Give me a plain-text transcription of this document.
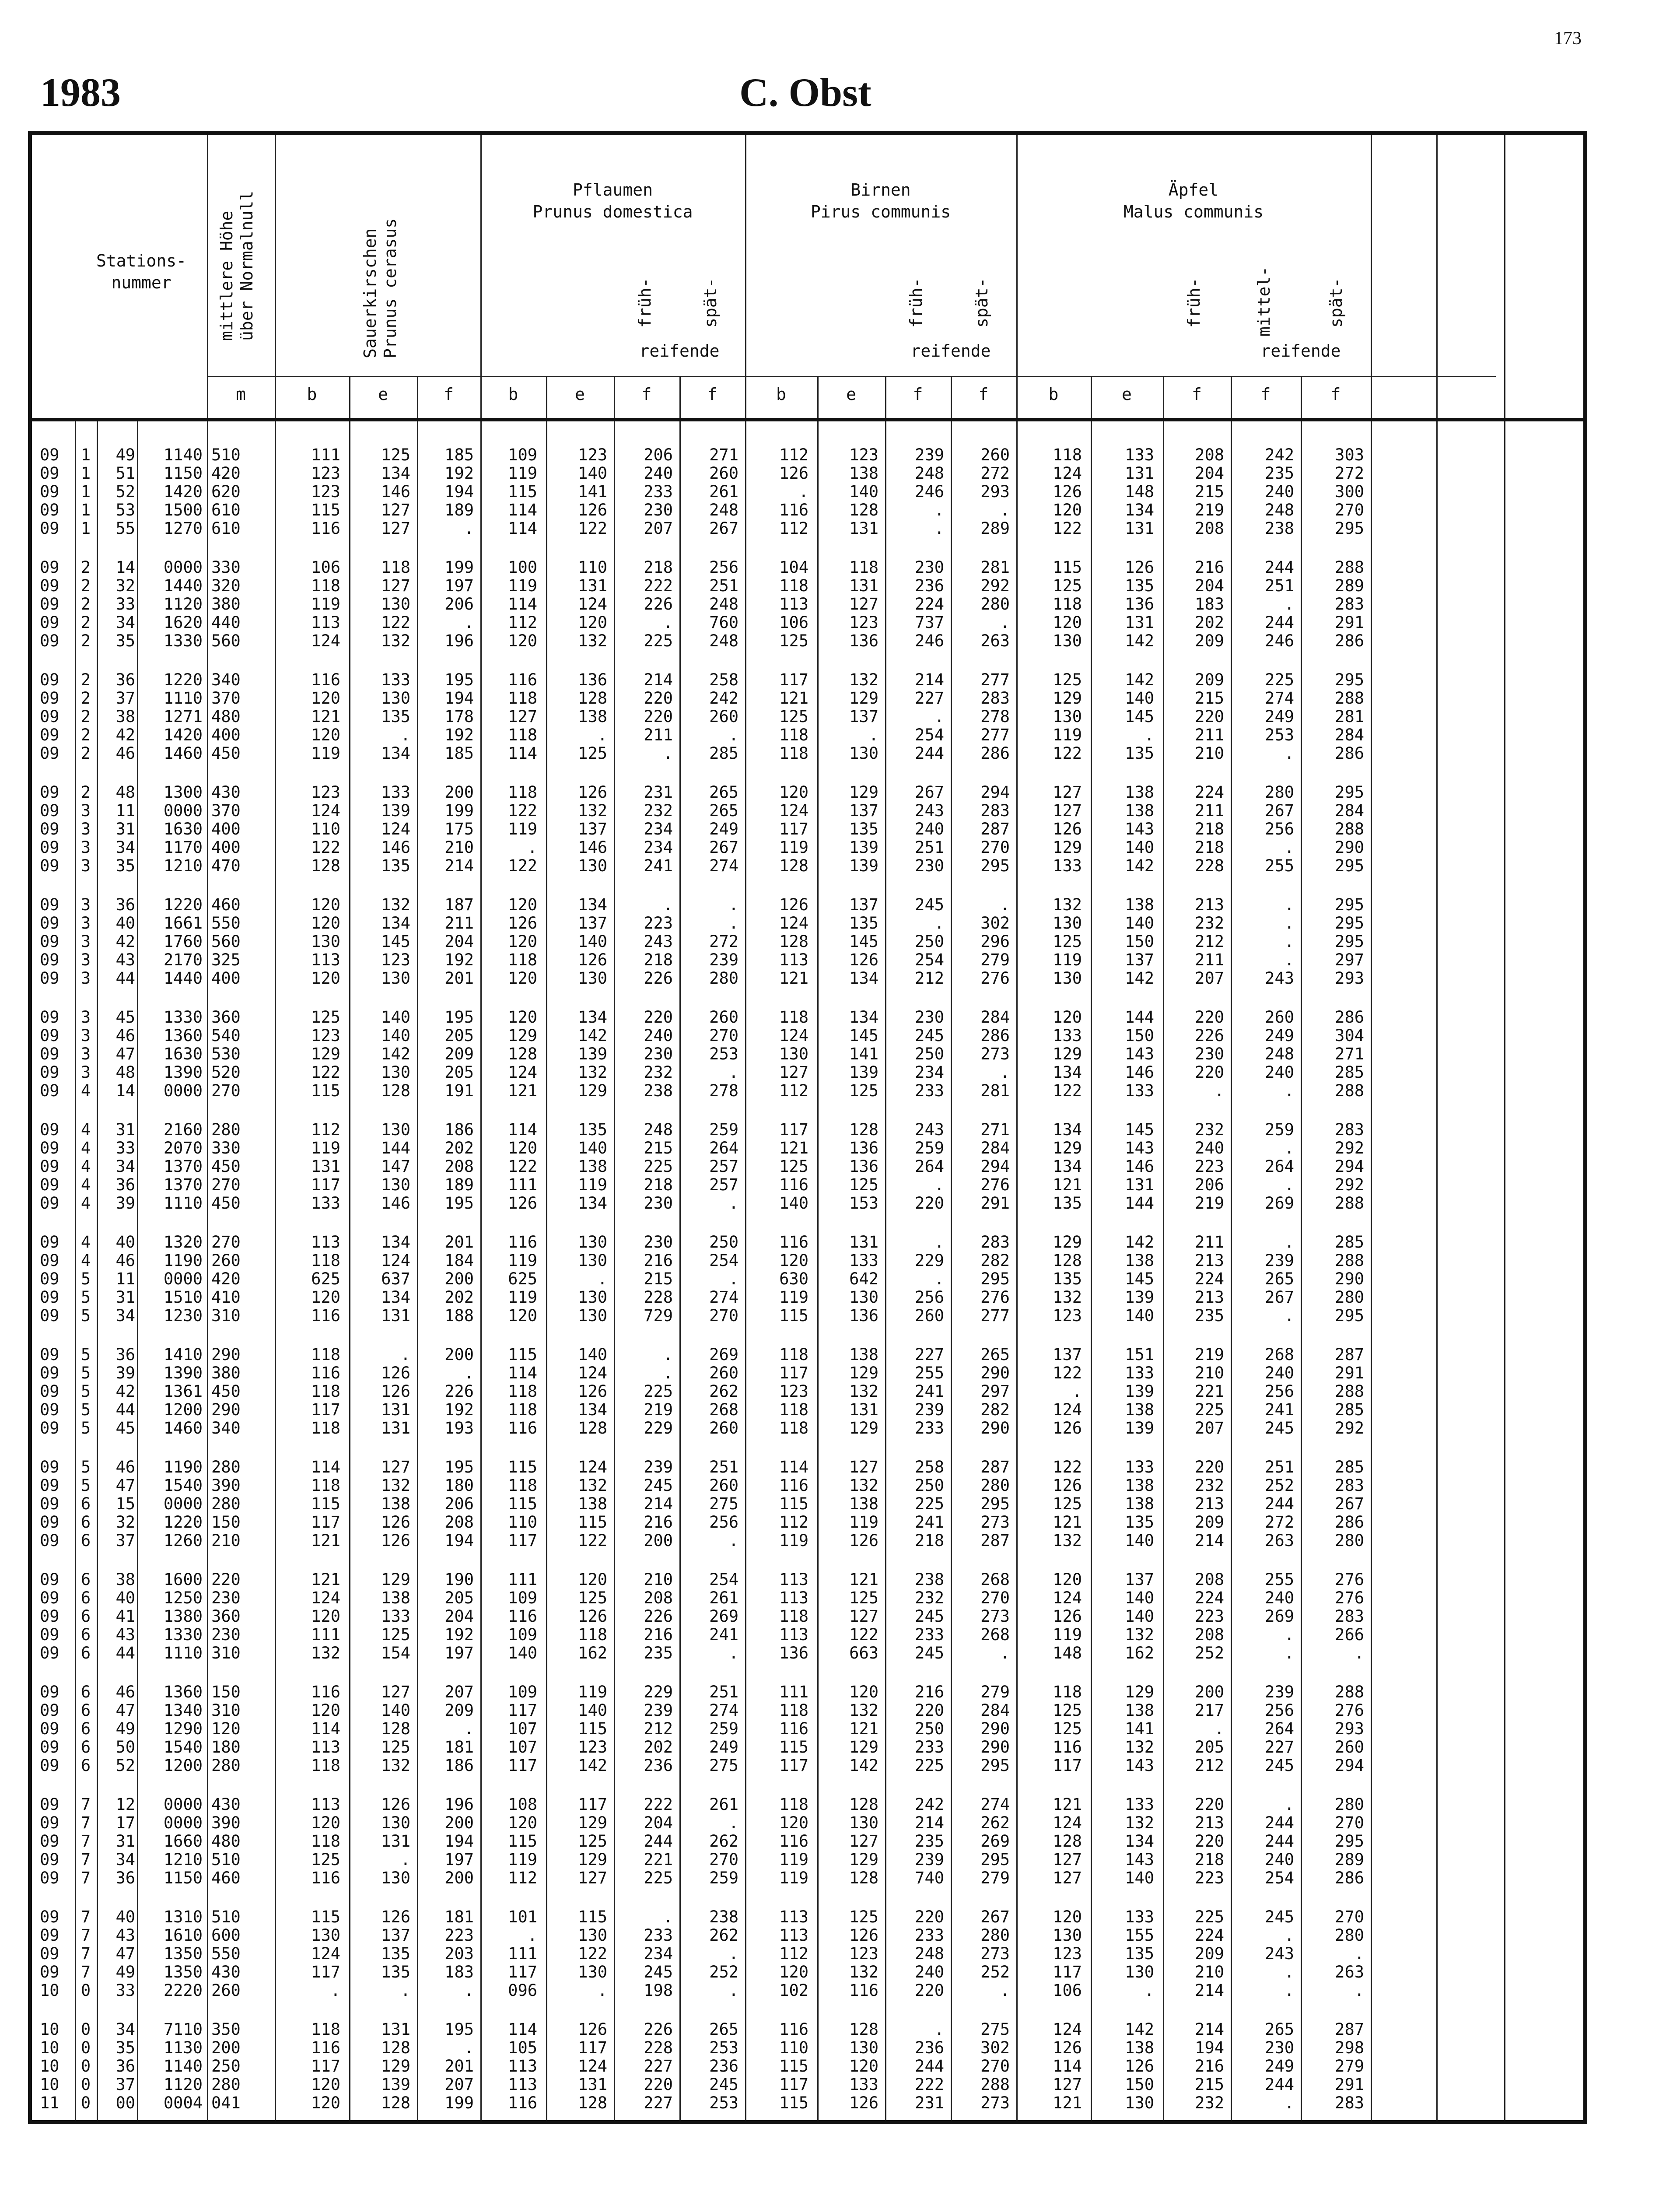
173
1983	C. Obst
Stations-
nummer	mittlere Höhe
über Normalnull	Sauerkirschen
Prunus cerasus
Pflaumen
Prunus domestica
Birnen
Pirus communis
Äpfel
Malus communis
früh-	spät-	früh-	spät-	früh-	mittel-	spät-
reifende	reifende	reifende
m	b	e	f	b	e	f	f	b	e	f	f	b	e	f	f	f
09	1	49	1140 510	111	125	185	109	123	206	271	112	123	239	260	118	133	208	242	303
09	1	51	1150 420	123	134	192	119	140	240	260	126	138	248	272	124	131	204	235	272
09	1	52	1420 620	123	146	194	115	141	233	261	.	140	246	293	126	148	215	240	300
09	1	53	1500 610	115	127	189	114	126	230	248	116	128	.	.	120	134	219	248	270
09	1	55	1270 610	116	127	.	114	122	207	267	112	131	.	289	122	131	208	238	295
09	2	14	0000 330	106	118	199	100	110	218	256	104	118	230	281	115	126	216	244	288
09	2	32	1440 320	118	127	197	119	131	222	251	118	131	236	292	125	135	204	251	289
09	2	33	1120 380	119	130	206	114	124	226	248	113	127	224	280	118	136	183	.	283
09	2	34	1620 440	113	122	.	112	120	.	760	106	123	737	.	120	131	202	244	291
09	2	35	1330 560	124	132	196	120	132	225	248	125	136	246	263	130	142	209	246	286
09	2	36	1220 340	116	133	195	116	136	214	258	117	132	214	277	125	142	209	225	295
09	2	37	1110 370	120	130	194	118	128	220	242	121	129	227	283	129	140	215	274	288
09	2	38	1271 480	121	135	178	127	138	220	260	125	137	.	278	130	145	220	249	281
09	2	42	1420 400	120	.	192	118	.	211	.	118	.	254	277	119	.	211	253	284
09	2	46	1460 450	119	134	185	114	125	.	285	118	130	244	286	122	135	210	.	286
09	2	48	1300 430	123	133	200	118	126	231	265	120	129	267	294	127	138	224	280	295
09	3	11	0000 370	124	139	199	122	132	232	265	124	137	243	283	127	138	211	267	284
09	3	31	1630 400	110	124	175	119	137	234	249	117	135	240	287	126	143	218	256	288
09	3	34	1170 400	122	146	210	.	146	234	267	119	139	251	270	129	140	218	.	290
09	3	35	1210 470	128	135	214	122	130	241	274	128	139	230	295	133	142	228	255	295
09	3	36	1220 460	120	132	187	120	134	.	.	126	137	245	.	132	138	213	.	295
09	3	40	1661 550	120	134	211	126	137	223	.	124	135	.	302	130	140	232	.	295
09	3	42	1760 560	130	145	204	120	140	243	272	128	145	250	296	125	150	212	.	295
09	3	43	2170 325	113	123	192	118	126	218	239	113	126	254	279	119	137	211	.	297
09	3	44	1440 400	120	130	201	120	130	226	280	121	134	212	276	130	142	207	243	293
09	3	45	1330 360	125	140	195	120	134	220	260	118	134	230	284	120	144	220	260	286
09	3	46	1360 540	123	140	205	129	142	240	270	124	145	245	286	133	150	226	249	304
09	3	47	1630 530	129	142	209	128	139	230	253	130	141	250	273	129	143	230	248	271
09	3	48	1390 520	122	130	205	124	132	232	.	127	139	234	.	134	146	220	240	285
09	4	14	0000 270	115	128	191	121	129	238	278	112	125	233	281	122	133	.	.	288
09	4	31	2160 280	112	130	186	114	135	248	259	117	128	243	271	134	145	232	259	283
09	4	33	2070 330	119	144	202	120	140	215	264	121	136	259	284	129	143	240	.	292
09	4	34	1370 450	131	147	208	122	138	225	257	125	136	264	294	134	146	223	264	294
09	4	36	1370 270	117	130	189	111	119	218	257	116	125	.	276	121	131	206	.	292
09	4	39	1110 450	133	146	195	126	134	230	.	140	153	220	291	135	144	219	269	288
09	4	40	1320 270	113	134	201	116	130	230	250	116	131	.	283	129	142	211	.	285
09	4	46	1190 260	118	124	184	119	130	216	254	120	133	229	282	128	138	213	239	288
09	5	11	0000 420	625	637	200	625	.	215	.	630	642	.	295	135	145	224	265	290
09	5	31	1510 410	120	134	202	119	130	228	274	119	130	256	276	132	139	213	267	280
09	5	34	1230 310	116	131	188	120	130	729	270	115	136	260	277	123	140	235	.	295
09	5	36	1410 290	118	.	200	115	140	.	269	118	138	227	265	137	151	219	268	287
09	5	39	1390 380	116	126	.	114	124	.	260	117	129	255	290	122	133	210	240	291
09	5	42	1361 450	118	126	226	118	126	225	262	123	132	241	297	.	139	221	256	288
09	5	44	1200 290	117	131	192	118	134	219	268	118	131	239	282	124	138	225	241	285
09	5	45	1460 340	118	131	193	116	128	229	260	118	129	233	290	126	139	207	245	292
09	5	46	1190 280	114	127	195	115	124	239	251	114	127	258	287	122	133	220	251	285
09	5	47	1540 390	118	132	180	118	132	245	260	116	132	250	280	126	138	232	252	283
09	6	15	0000 280	115	138	206	115	138	214	275	115	138	225	295	125	138	213	244	267
09	6	32	1220 150	117	126	208	110	115	216	256	112	119	241	273	121	135	209	272	286
09	6	37	1260 210	121	126	194	117	122	200	.	119	126	218	287	132	140	214	263	280
09	6	38	1600 220	121	129	190	111	120	210	254	113	121	238	268	120	137	208	255	276
09	6	40	1250 230	124	138	205	109	125	208	261	113	125	232	270	124	140	224	240	276
09	6	41	1380 360	120	133	204	116	126	226	269	118	127	245	273	126	140	223	269	283
09	6	43	1330 230	111	125	192	109	118	216	241	113	122	233	268	119	132	208	.	266
09	6	44	1110 310	132	154	197	140	162	235	.	136	663	245	.	148	162	252	.	.
09	6	46	1360 150	116	127	207	109	119	229	251	111	120	216	279	118	129	200	239	288
09	6	47	1340 310	120	140	209	117	140	239	274	118	132	220	284	125	138	217	256	276
09	6	49	1290 120	114	128	.	107	115	212	259	116	121	250	290	125	141	.	264	293
09	6	50	1540 180	113	125	181	107	123	202	249	115	129	233	290	116	132	205	227	260
09	6	52	1200 280	118	132	186	117	142	236	275	117	142	225	295	117	143	212	245	294
09	7	12	0000 430	113	126	196	108	117	222	261	118	128	242	274	121	133	220	.	280
09	7	17	0000 390	120	130	200	120	129	204	.	120	130	214	262	124	132	213	244	270
09	7	31	1660 480	118	131	194	115	125	244	262	116	127	235	269	128	134	220	244	295
09	7	34	1210 510	125	.	197	119	129	221	270	119	129	239	295	127	143	218	240	289
09	7	36	1150 460	116	130	200	112	127	225	259	119	128	740	279	127	140	223	254	286
09	7	40	1310 510	115	126	181	101	115	.	238	113	125	220	267	120	133	225	245	270
09	7	43	1610 600	130	137	223	.	130	233	262	113	126	233	280	130	155	224	.	280
09	7	47	1350 550	124	135	203	111	122	234	.	112	123	248	273	123	135	209	243	.
09	7	49	1350 430	117	135	183	117	130	245	252	120	132	240	252	117	130	210	.	263
10	0	33	2220 260	.	.	.	096	.	198	.	102	116	220	.	106	.	214	.	.
10	0	34	7110 350	118	131	195	114	126	226	265	116	128	.	275	124	142	214	265	287
10	0	35	1130 200	116	128	.	105	117	228	253	110	130	236	302	126	138	194	230	298
10	0	36	1140 250	117	129	201	113	124	227	236	115	120	244	270	114	126	216	249	279
10	0	37	1120 280	120	139	207	113	131	220	245	117	133	222	288	127	150	215	244	291
11	0	00	0004 041	120	128	199	116	128	227	253	115	126	231	273	121	130	232	.	283
